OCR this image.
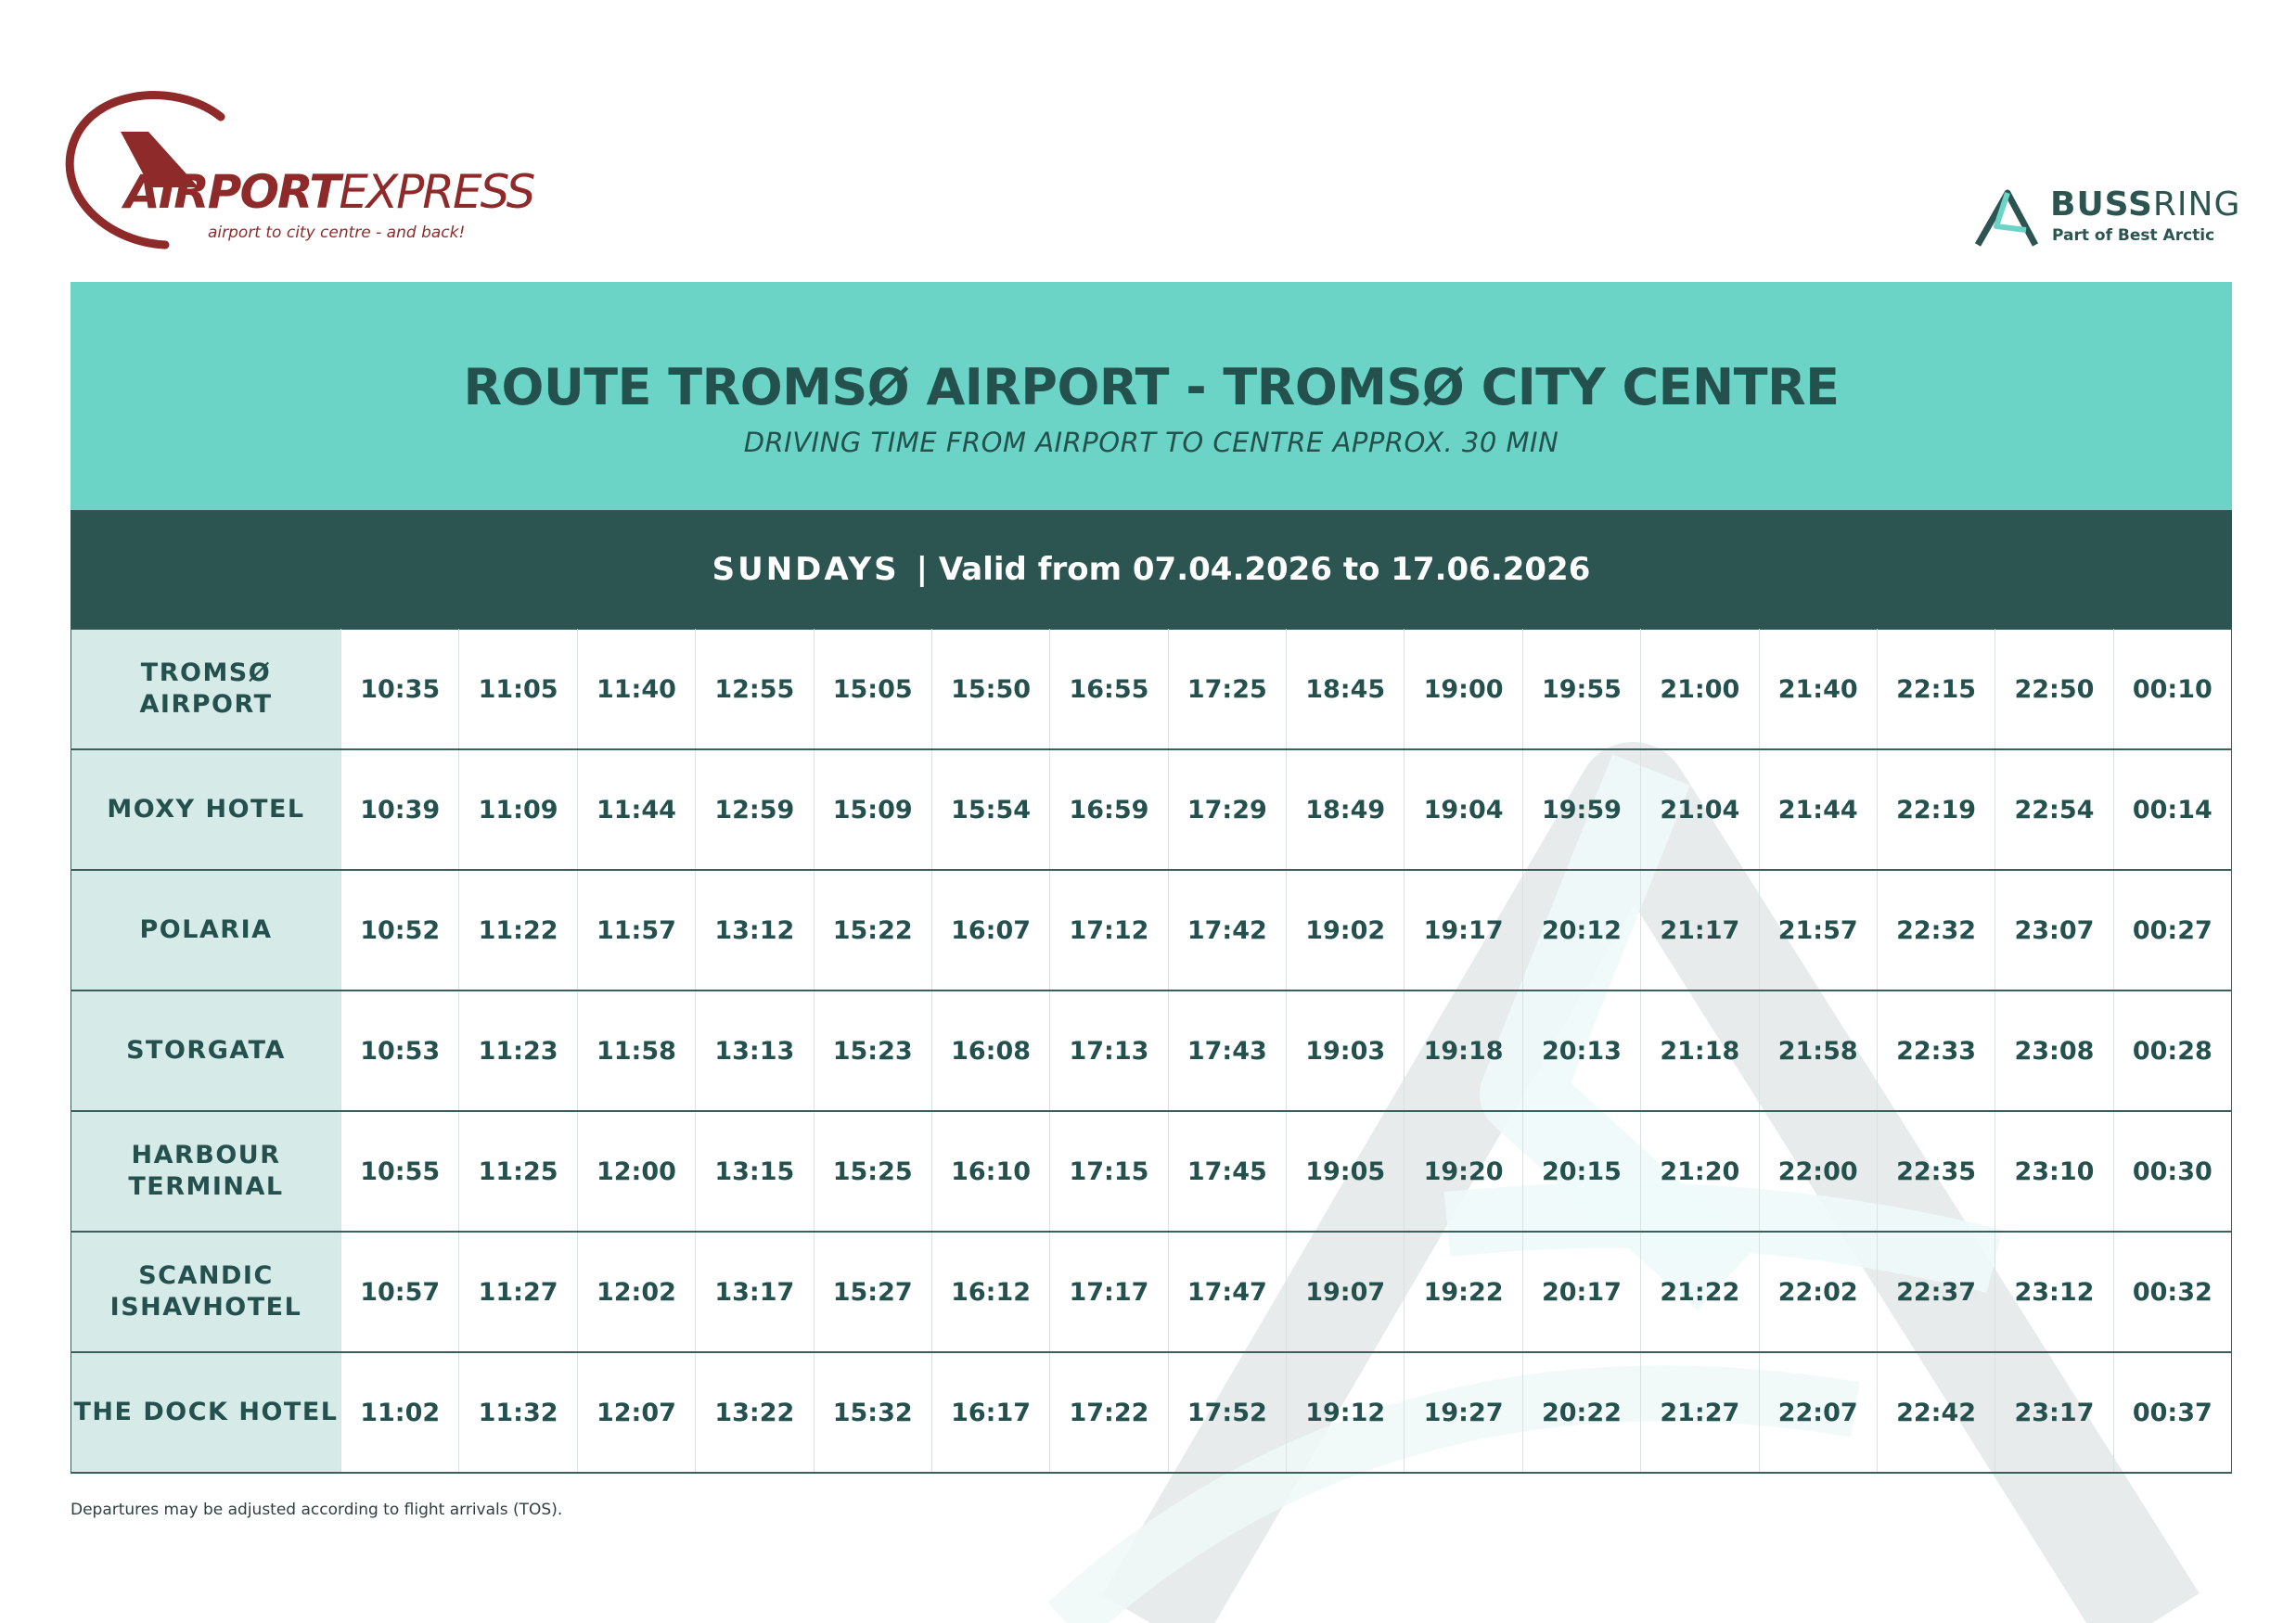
AIRPORTEXPRESS
airport to city centre - and back!
BUSSRING
Part of Best Arctic
ROUTE TROMSØ AIRPORT - TROMSØ CITY CENTRE
DRIVING TIME FROM AIRPORT TO CENTRE APPROX. 30 MIN
SUNDAYS | Valid from 07.04.2026 to 17.06.2026
TROMSØ AIRPORT	10:35	11:05	11:40	12:55	15:05	15:50	16:55	17:25	18:45	19:00	19:55	21:00	21:40	22:15	22:50	00:10
MOXY HOTEL	10:39	11:09	11:44	12:59	15:09	15:54	16:59	17:29	18:49	19:04	19:59	21:04	21:44	22:19	22:54	00:14
POLARIA	10:52	11:22	11:57	13:12	15:22	16:07	17:12	17:42	19:02	19:17	20:12	21:17	21:57	22:32	23:07	00:27
STORGATA	10:53	11:23	11:58	13:13	15:23	16:08	17:13	17:43	19:03	19:18	20:13	21:18	21:58	22:33	23:08	00:28
HARBOUR TERMINAL	10:55	11:25	12:00	13:15	15:25	16:10	17:15	17:45	19:05	19:20	20:15	21:20	22:00	22:35	23:10	00:30
SCANDIC ISHAVHOTEL	10:57	11:27	12:02	13:17	15:27	16:12	17:17	17:47	19:07	19:22	20:17	21:22	22:02	22:37	23:12	00:32
THE DOCK HOTEL	11:02	11:32	12:07	13:22	15:32	16:17	17:22	17:52	19:12	19:27	20:22	21:27	22:07	22:42	23:17	00:37
Departures may be adjusted according to flight arrivals (TOS).
